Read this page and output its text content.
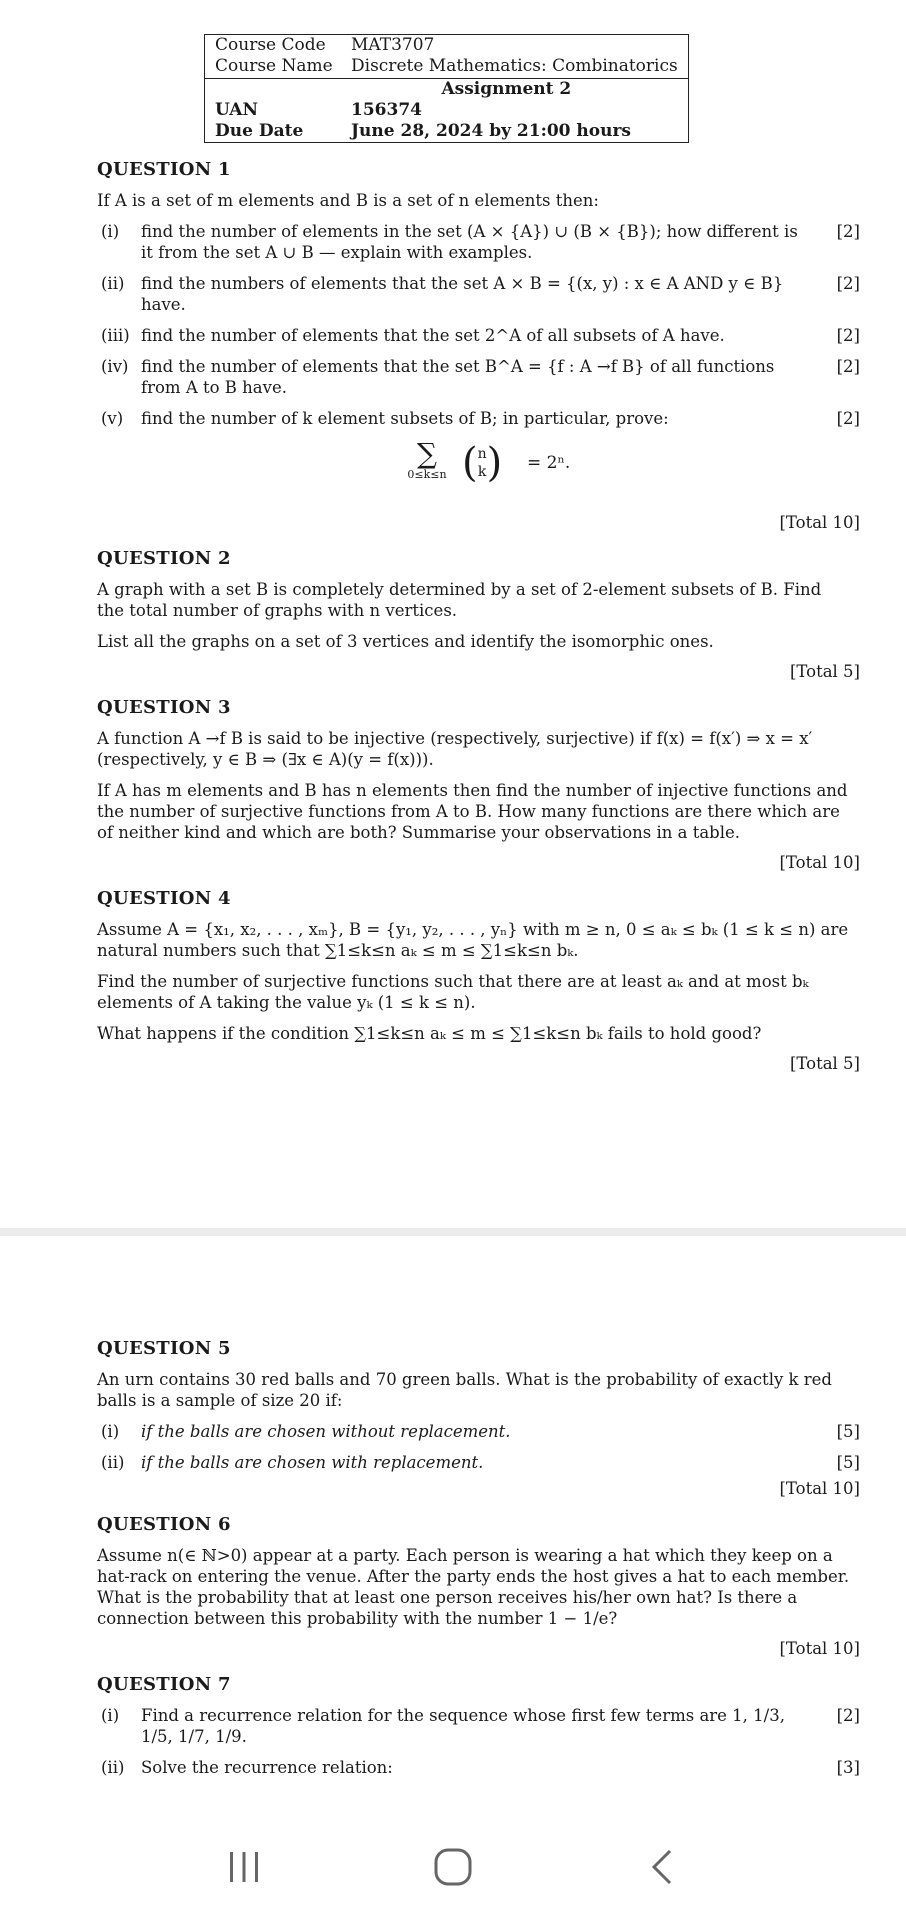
Course Code	MAT3707
Course Name	Discrete Mathematics: Combinatorics
Assignment 2	
UAN	156374
Due Date	June 28, 2024 by 21:00 hours
QUESTION 1
If A is a set of m elements and B is a set of n elements then:
(i) find the number of elements in the set (A × {A}) ∪ (B × {B}); how different is it from the set A ∪ B — explain with examples.
[2]
(ii) find the numbers of elements that the set A × B = {(x, y) : x ∈ A AND y ∈ B} have.
[2]
(iii) find the number of elements that the set 2^A of all subsets of A have.	[2]
(iv) find the number of elements that the set B^A = {f : A →f B} of all functions from A to B have.
[2]
(v) find the number of k element subsets of B; in particular, prove:	[2]
∑
0≤k≤n ( n
k ) = 2ⁿ.
[Total 10]
QUESTION 2
A graph with a set B is completely determined by a set of 2-element subsets of B. Find the total number of graphs with n vertices.
List all the graphs on a set of 3 vertices and identify the isomorphic ones.
[Total 5]
QUESTION 3
A function A →f B is said to be injective (respectively, surjective) if f(x) = f(x′) ⇒ x = x′ (respectively, y ∈ B ⇒ (∃x ∈ A)(y = f(x))).
If A has m elements and B has n elements then find the number of injective functions and the number of surjective functions from A to B. How many functions are there which are of neither kind and which are both? Summarise your observations in a table.
[Total 10]
QUESTION 4
Assume A = {x₁, x₂, . . . , xₘ}, B = {y₁, y₂, . . . , yₙ} with m ≥ n, 0 ≤ aₖ ≤ bₖ (1 ≤ k ≤ n) are natural numbers such that ∑1≤k≤n aₖ ≤ m ≤ ∑1≤k≤n bₖ.
Find the number of surjective functions such that there are at least aₖ and at most bₖ elements of A taking the value yₖ (1 ≤ k ≤ n).
What happens if the condition ∑1≤k≤n aₖ ≤ m ≤ ∑1≤k≤n bₖ fails to hold good?
[Total 5]
QUESTION 5
An urn contains 30 red balls and 70 green balls. What is the probability of exactly k red balls is a sample of size 20 if:
(i) if the balls are chosen without replacement.	[5]
(ii) if the balls are chosen with replacement.	[5]
[Total 10]
QUESTION 6
Assume n(∈ ℕ>0) appear at a party. Each person is wearing a hat which they keep on a hat-rack on entering the venue. After the party ends the host gives a hat to each member. What is the probability that at least one person receives his/her own hat? Is there a connection between this probability with the number 1 − 1/e?
[Total 10]
QUESTION 7
(i) Find a recurrence relation for the sequence whose first few terms are 1, 1/3, 1/5, 1/7, 1/9.
[2]
(ii) Solve the recurrence relation:	[3]
